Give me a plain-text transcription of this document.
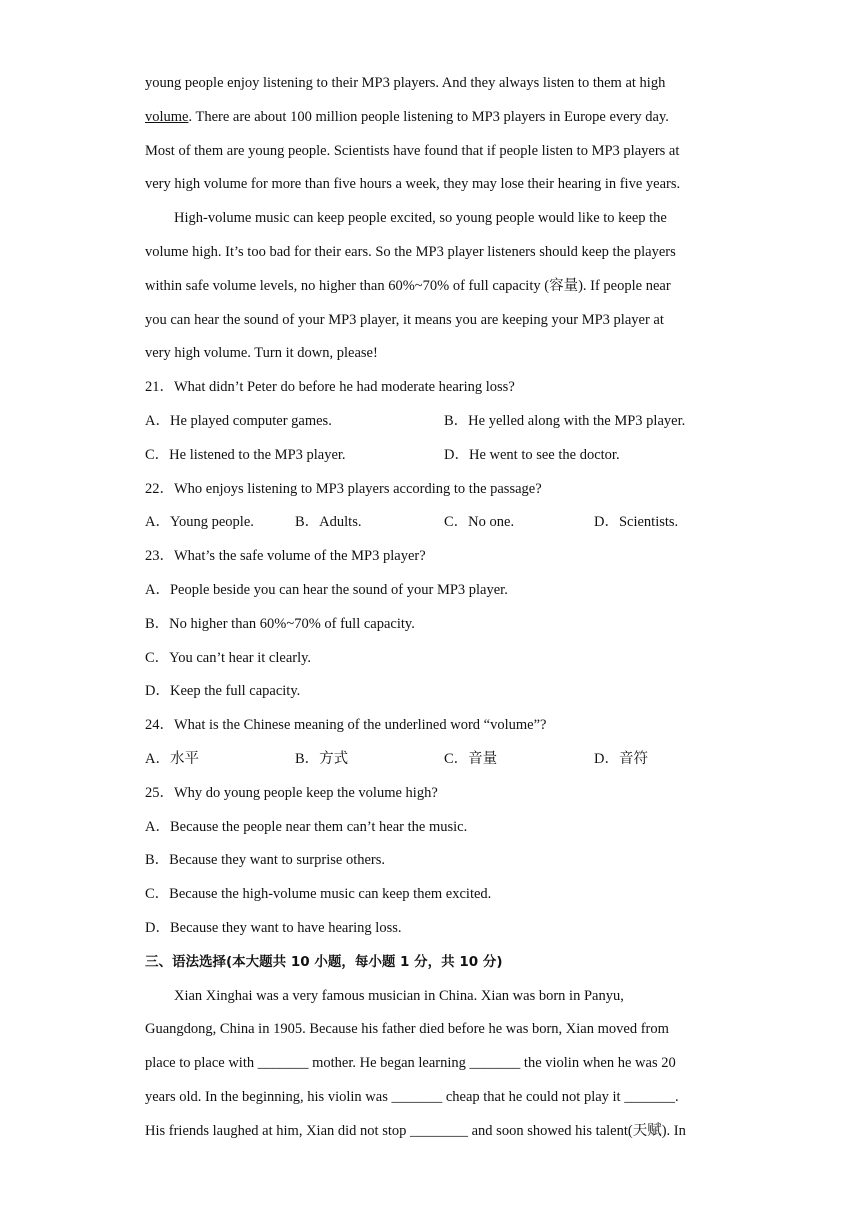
young people enjoy listening to their MP3 players. And they always listen to them at high
volume. There are about 100 million people listening to MP3 players in Europe every day.
Most of them are young people. Scientists have found that if people listen to MP3 players at
very high volume for more than five hours a week, they may lose their hearing in five years.
High-volume music can keep people excited, so young people would like to keep the
volume high. It’s too bad for their ears. So the MP3 player listeners should keep the players
within safe volume levels, no higher than 60%~70% of full capacity (容量). If people near
you can hear the sound of your MP3 player, it means you are keeping your MP3 player at
very high volume. Turn it down, please!
21．What didn’t Peter do before he had moderate hearing loss?
A．He played computer games.	B．He yelled along with the MP3 player.
C．He listened to the MP3 player.	D．He went to see the doctor.
22．Who enjoys listening to MP3 players according to the passage?
A．Young people.	B．Adults.	C．No one.	D．Scientists.
23．What’s the safe volume of the MP3 player?
A．People beside you can hear the sound of your MP3 player.
B．No higher than 60%~70% of full capacity.
C．You can’t hear it clearly.
D．Keep the full capacity.
24．What is the Chinese meaning of the underlined word “volume”?
A．水平	B．方式	C．音量	D．音符
25．Why do young people keep the volume high?
A．Because the people near them can’t hear the music.
B．Because they want to surprise others.
C．Because the high-volume music can keep them excited.
D．Because they want to have hearing loss.
三、语法选择(本大题共 10 小题，每小题 1 分，共 10 分)
Xian Xinghai was a very famous musician in China. Xian was born in Panyu,
Guangdong, China in 1905. Because his father died before he was born, Xian moved from
place to place with _______ mother. He began learning _______ the violin when he was 20
years old. In the beginning, his violin was _______ cheap that he could not play it _______.
His friends laughed at him, Xian did not stop ________ and soon showed his talent(天赋). In
